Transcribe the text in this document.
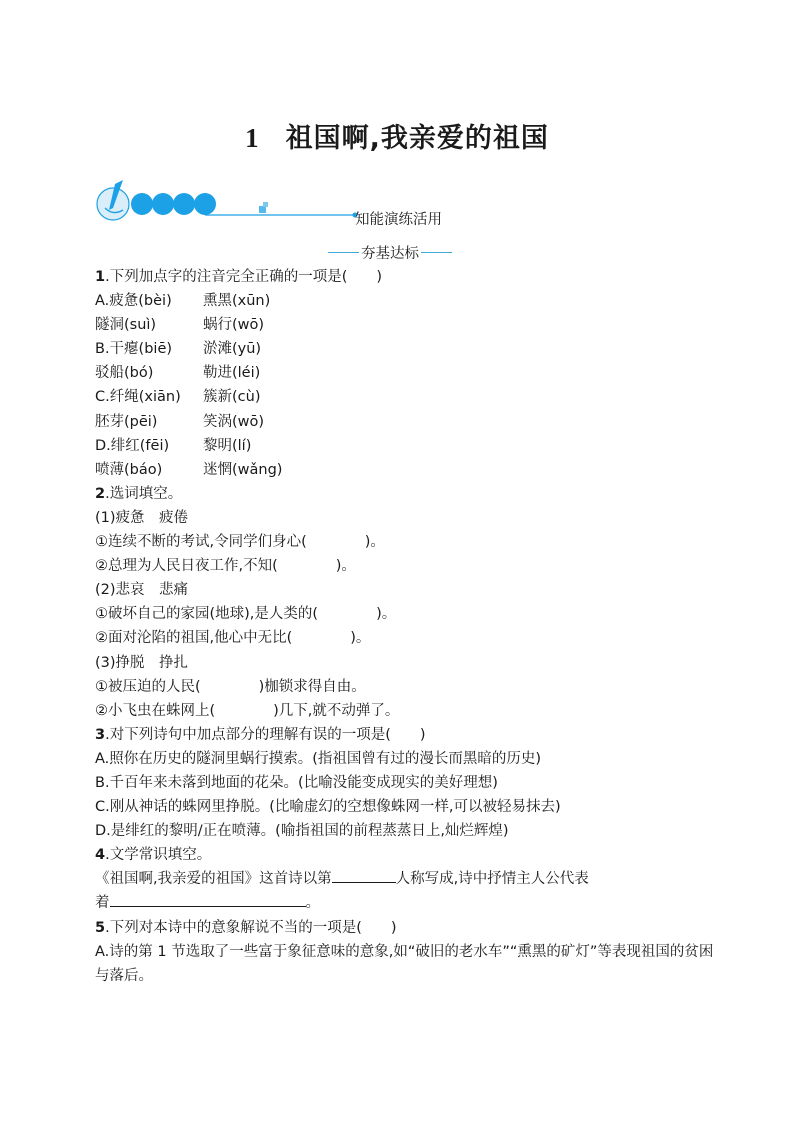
1 祖国啊,我亲爱的祖国
知能演练活用
夯基达标
1.下列加点字的注音完全正确的一项是(　　)
A.疲惫(bèi) 熏黑(xūn)
隧洞(suì)	蜗行(wō)
B.干瘪(biē) 淤滩(yū)
驳船(bó)	勒进(léi)
C.纤绳(xiān) 簇新(cù)
胚芽(pēi)	笑涡(wō)
D.绯红(fēi) 黎明(lí)
喷薄(báo)	迷惘(wǎng)
2.选词填空。
(1)疲惫　疲倦
①连续不断的考试,令同学们身心(　　　　)。
②总理为人民日夜工作,不知(　　　　)。
(2)悲哀　悲痛
①破坏自己的家园(地球),是人类的(　　　　)。
②面对沦陷的祖国,他心中无比(　　　　)。
(3)挣脱　挣扎
①被压迫的人民(　　　　)枷锁求得自由。
②小飞虫在蛛网上(　　　　)几下,就不动弹了。
3.对下列诗句中加点部分的理解有误的一项是(　　)
A.照你在历史的隧洞里蜗行摸索。(指祖国曾有过的漫长而黑暗的历史)
B.千百年来未落到地面的花朵。(比喻没能变成现实的美好理想)
C.刚从神话的蛛网里挣脱。(比喻虚幻的空想像蛛网一样,可以被轻易抹去)
D.是绯红的黎明/正在喷薄。(喻指祖国的前程蒸蒸日上,灿烂辉煌)
4.文学常识填空。
《祖国啊,我亲爱的祖国》这首诗以第	人称写成,诗中抒情主人公代表
着	。
5.下列对本诗中的意象解说不当的一项是(　　)
A.诗的第 1 节选取了一些富于象征意味的意象,如“破旧的老水车”“熏黑的矿灯”等表现祖国的贫困与落后。
